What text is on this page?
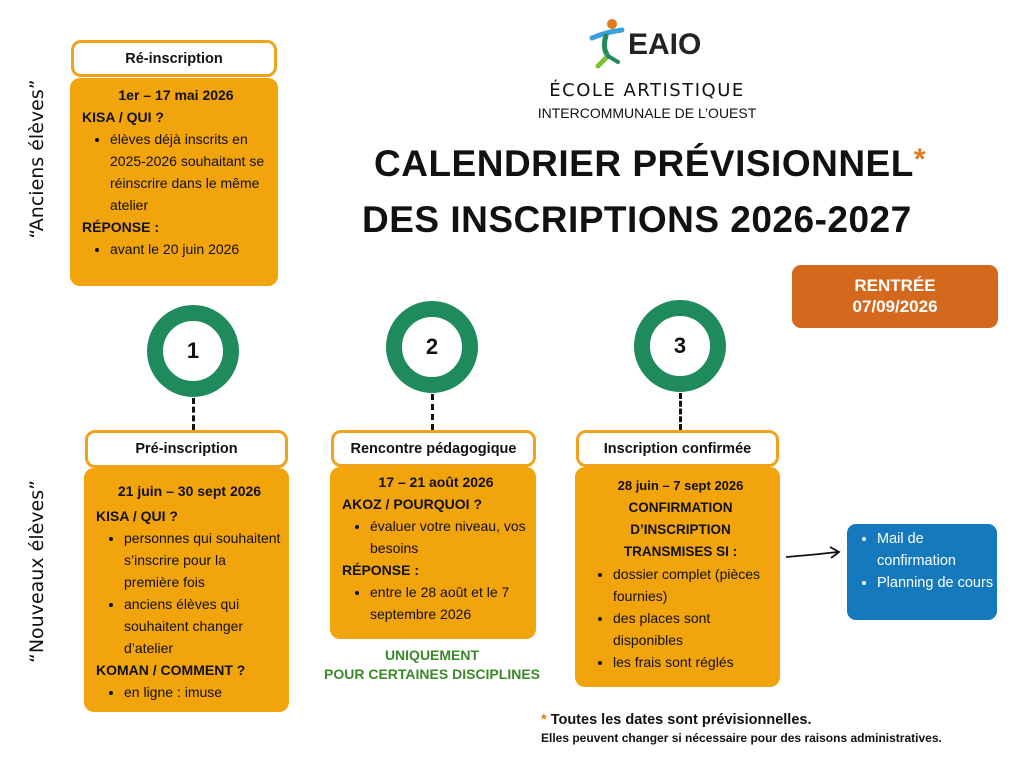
“Anciens élèves”
“Nouveaux élèves”
EAIO
ÉCOLE ARTISTIQUE
INTERCOMMUNALE DE L’OUEST
CALENDRIER PRÉVISIONNEL*
DES INSCRIPTIONS 2026-2027
RENTRÉE
07/09/2026
Ré-inscription
1er – 17 mai 2026
KISA / QUI ?
• élèves déjà inscrits en 2025-2026 souhaitant se réinscrire dans le même atelier
RÉPONSE :
• avant le 20 juin 2026
1	2	3
Pré-inscription
21 juin – 30 sept 2026
KISA / QUI ?
• personnes qui souhaitent s’inscrire pour la première fois
• anciens élèves qui souhaitent changer d’atelier
KOMAN / COMMENT ?
• en ligne : imuse
Rencontre pédagogique
17 – 21 août 2026
AKOZ / POURQUOI ?
• évaluer votre niveau, vos besoins
RÉPONSE :
• entre le 28 août et le 7 septembre 2026
UNIQUEMENT
POUR CERTAINES DISCIPLINES
Inscription confirmée
28 juin – 7 sept 2026
CONFIRMATION D’INSCRIPTION TRANSMISES SI :
• dossier complet (pièces fournies)
• des places sont disponibles
• les frais sont réglés
• Mail de confirmation
• Planning de cours
* Toutes les dates sont prévisionnelles.
Elles peuvent changer si nécessaire pour des raisons administratives.
